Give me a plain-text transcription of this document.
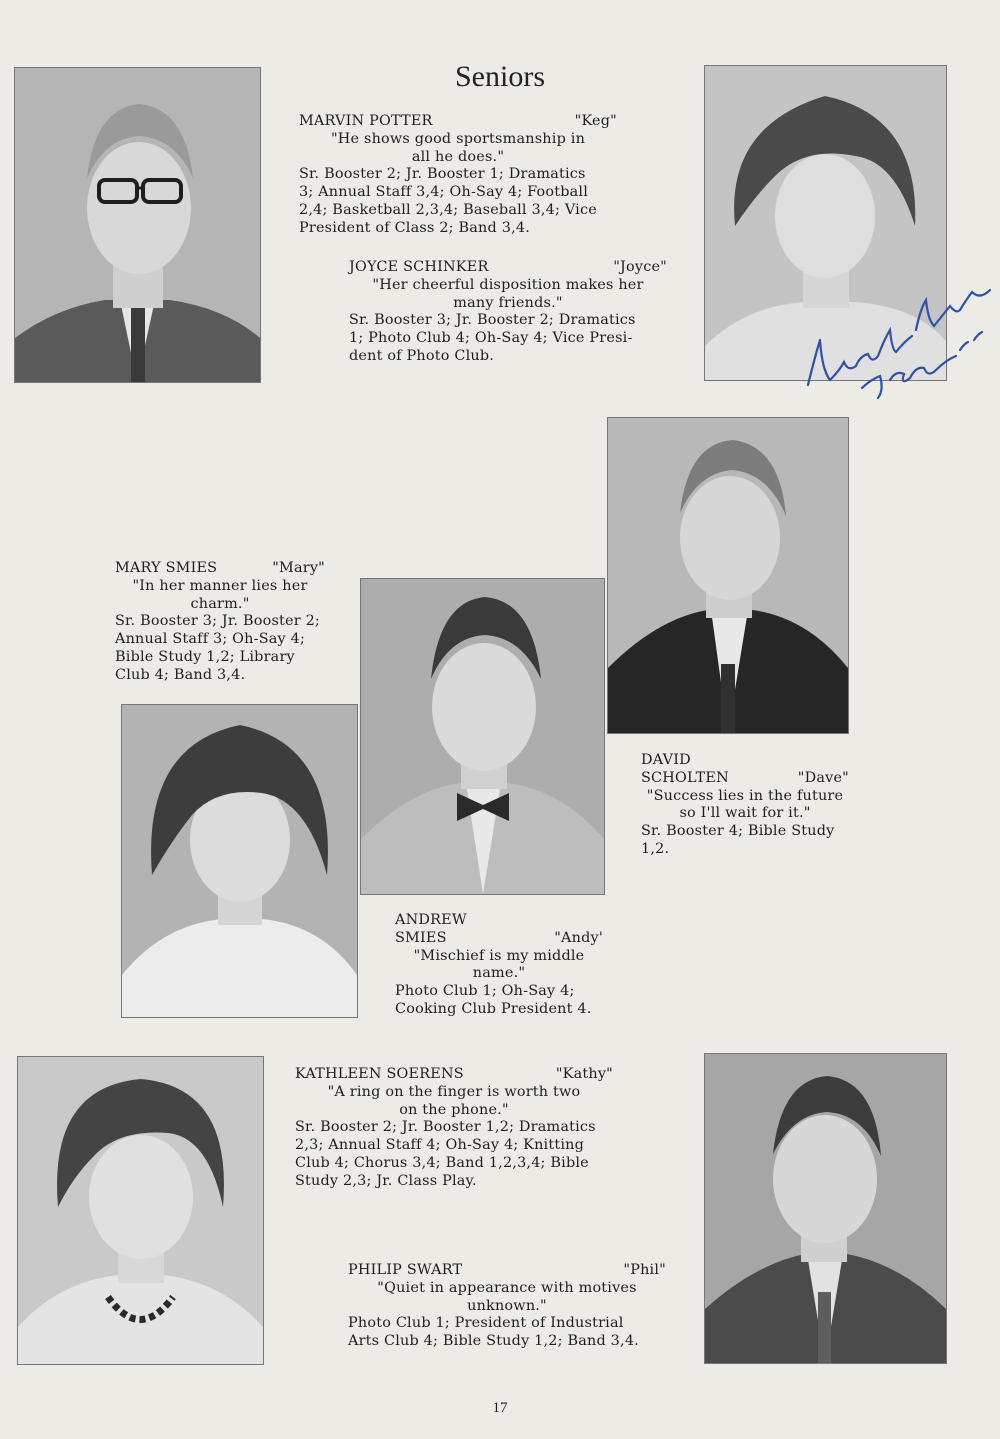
Seniors
MARVIN POTTER	"Keg"
"He shows good sportsmanship in
all he does."
Sr. Booster 2; Jr. Booster 1; Dramatics
3; Annual Staff 3,4; Oh-Say 4; Football
2,4; Basketball 2,3,4; Baseball 3,4; Vice
President of Class 2; Band 3,4.
JOYCE SCHINKER	"Joyce"
"Her cheerful disposition makes her
many friends."
Sr. Booster 3; Jr. Booster 2; Dramatics
1; Photo Club 4; Oh-Say 4; Vice Presi-
dent of Photo Club.
MARY SMIES	"Mary"
"In her manner lies her
charm."
Sr. Booster 3; Jr. Booster 2;
Annual Staff 3; Oh-Say 4;
Bible Study 1,2; Library
Club 4; Band 3,4.
DAVID
SCHOLTEN	"Dave"
"Success lies in the future
so I'll wait for it."
Sr. Booster 4; Bible Study
1,2.
ANDREW
SMIES	"Andy'
"Mischief is my middle
name."
Photo Club 1; Oh-Say 4;
Cooking Club President 4.
KATHLEEN SOERENS	"Kathy"
"A ring on the finger is worth two
on the phone."
Sr. Booster 2; Jr. Booster 1,2; Dramatics
2,3; Annual Staff 4; Oh-Say 4; Knitting
Club 4; Chorus 3,4; Band 1,2,3,4; Bible
Study 2,3; Jr. Class Play.
PHILIP SWART	"Phil"
"Quiet in appearance with motives
unknown."
Photo Club 1; President of Industrial
Arts Club 4; Bible Study 1,2; Band 3,4.
17
